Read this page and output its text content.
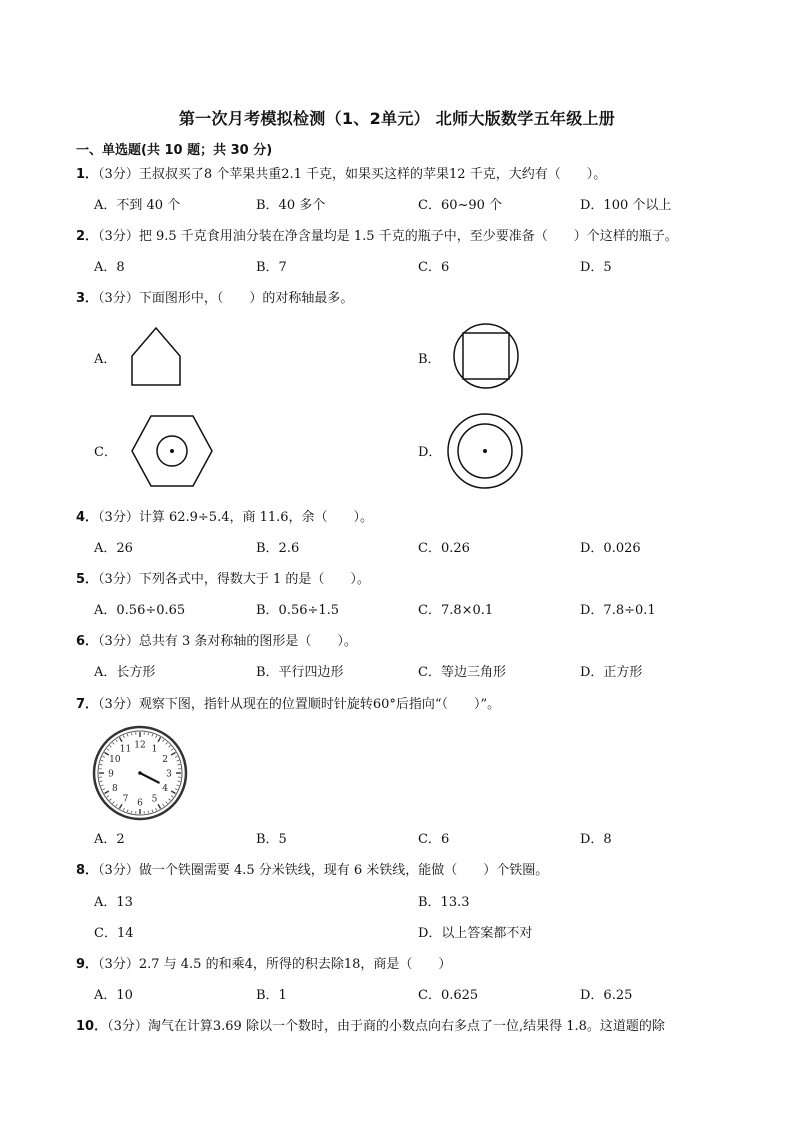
第一次月考模拟检测（1、2单元） 北师大版数学五年级上册
一、单选题(共 10 题；共 30 分)
1．（3分）王叔叔买了8 个苹果共重2.1 千克，如果买这样的苹果12 千克，大约有（　　）。
A．不到 40 个	B．40 多个	C．60~90 个	D．100 个以上
2．（3分）把 9.5 千克食用油分装在净含量均是 1.5 千克的瓶子中，至少要准备（　　）个这样的瓶子。
A．8	B．7	C．6	D．5
3．（3分）下面图形中，（　　）的对称轴最多。
A．	B．
C．	D．
4．（3分）计算 62.9÷5.4，商 11.6，余（　　）。
A．26	B．2.6	C．0.26	D．0.026
5．（3分）下列各式中，得数大于 1 的是（　　）。
A．0.56÷0.65	B．0.56÷1.5	C．7.8×0.1	D．7.8÷0.1
6．（3分）总共有 3 条对称轴的图形是（　　）。
A．长方形	B．平行四边形	C．等边三角形	D．正方形
7．（3分）观察下图，指针从现在的位置顺时针旋转60°后指向“（　　）”。
12 1
2
3
4
5
6
7
8
9
10
11
A．2	B．5	C．6	D．8
8．（3分）做一个铁圈需要 4.5 分米铁线，现有 6 米铁线，能做（　　）个铁圈。
A．13	B．13.3
C．14	D．以上答案都不对
9．（3分）2.7 与 4.5 的和乘4，所得的积去除18，商是（　　）
A．10	B．1	C．0.625	D．6.25
10．（3分）淘气在计算3.69 除以一个数时，由于商的小数点向右多点了一位,结果得 1.8。这道题的除
